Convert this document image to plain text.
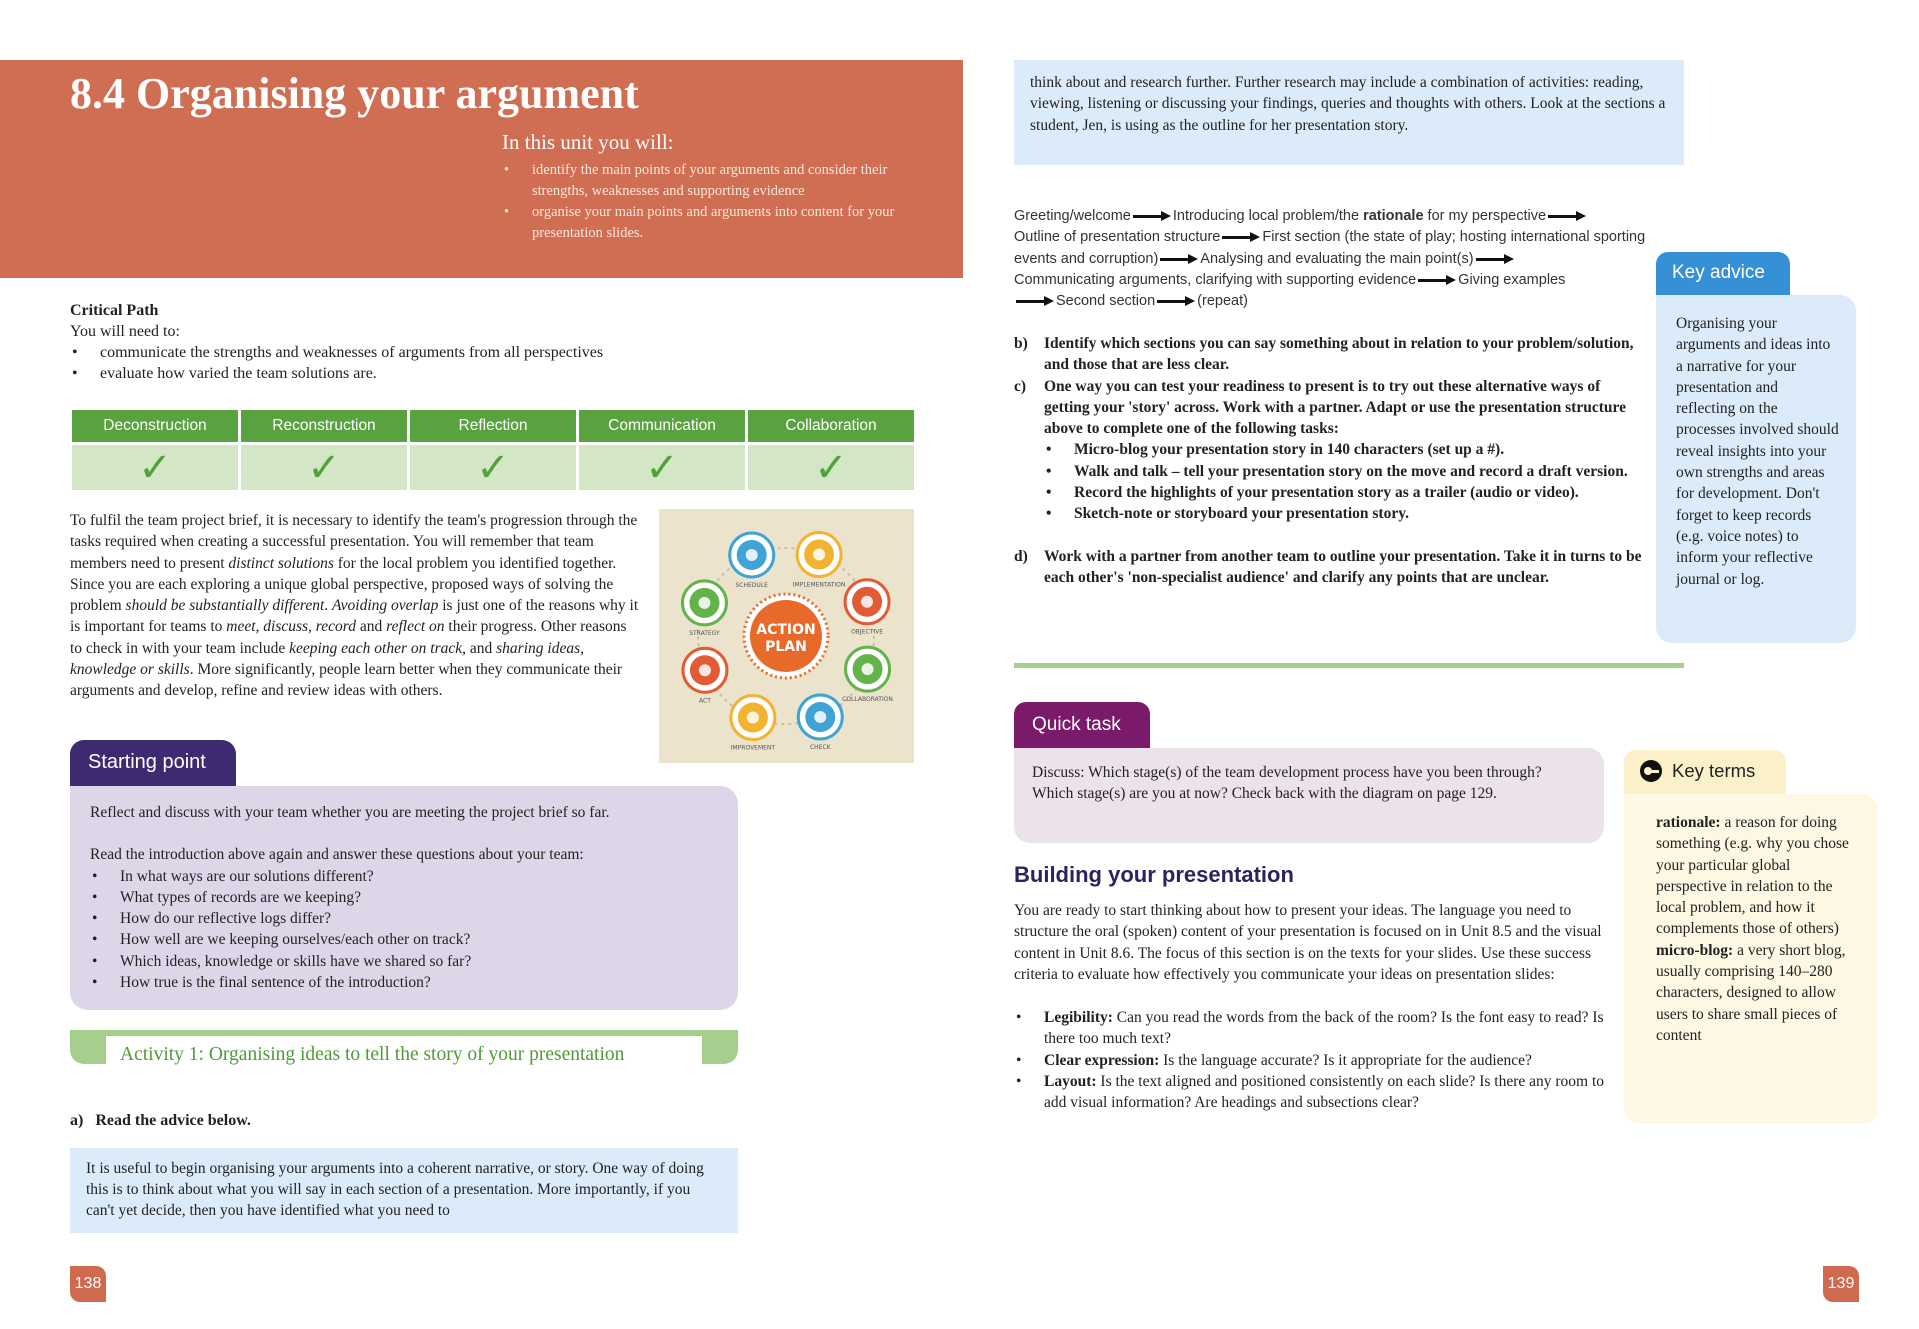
8.4 Organising your argument
In this unit you will:
• identify the main points of your arguments and consider their strengths, weaknesses and supporting evidence
• organise your main points and arguments into content for your presentation slides.
Critical Path
You will need to:
• communicate the strengths and weaknesses of arguments from all perspectives
• evaluate how varied the team solutions are.
Deconstruction	Reconstruction	Reflection	Communication	Collaboration
✓	✓	✓	✓	✓

To fulfil the team project brief, it is necessary to identify the team's progression through the tasks required when creating a successful presentation. You will remember that team members need to present distinct solutions for the local problem you identified together. Since you are each exploring a unique global perspective, proposed ways of solving the problem should be substantially different. Avoiding overlap is just one of the reasons why it is important for teams to meet, discuss, record and reflect on their progress. Other reasons to check in with your team include keeping each other on track, and sharing ideas, knowledge or skills. More significantly, people learn better when they communicate their arguments and develop, refine and review ideas with others.

SCHEDULE	IMPLEMENTATION
OBJECTIVE
COLLABORATION
CHECK
IMPROVEMENT
ACT
STRATEGY	ACTION
PLAN
Starting point

Reflect and discuss with your team whether you are meeting the project brief so far.

Read the introduction above again and answer these questions about your team:

• In what ways are our solutions different?
• What types of records are we keeping?
• How do our reflective logs differ?
• How well are we keeping ourselves/each other on track?
• Which ideas, knowledge or skills have we shared so far?
• How true is the final sentence of the introduction?
Activity 1: Organising ideas to tell the story of your presentation
a) Read the advice below.
It is useful to begin organising your arguments into a coherent narrative, or story. One way of doing this is to think about what you will say in each section of a presentation. More importantly, if you can't yet decide, then you have identified what you need to
138
think about and research further. Further research may include a combination of activities: reading, viewing, listening or discussing your findings, queries and thoughts with others. Look at the sections a student, Jen, is using as the outline for her presentation story.
Greeting/welcome	Introducing local problem/the rationale for my perspective
Outline of presentation structure	First section (the state of play; hosting international sporting events and corruption)	Analysing and evaluating the main point(s)
Communicating arguments, clarifying with supporting evidence	Giving examples
Second section	(repeat)
b) Identify which sections you can say something about in relation to your problem/solution, and those that are less clear.
c) One way you can test your readiness to present is to try out these alternative ways of getting your 'story' across. Work with a partner. Adapt or use the presentation structure above to complete one of the following tasks:
• Micro-blog your presentation story in 140 characters (set up a #).
• Walk and talk – tell your presentation story on the move and record a draft version.
• Record the highlights of your presentation story as a trailer (audio or video).
• Sketch-note or storyboard your presentation story.
d) Work with a partner from another team to outline your presentation. Take it in turns to be each other's 'non-specialist audience' and clarify any points that are unclear.
Key advice
Organising your arguments and ideas into a narrative for your presentation and reflecting on the processes involved should reveal insights into your own strengths and areas for development. Don't forget to keep records (e.g. voice notes) to inform your reflective journal or log.
Quick task
Discuss: Which stage(s) of the team development process have you been through? Which stage(s) are you at now? Check back with the diagram on page 129.
Key terms

rationale: a reason for doing something (e.g. why you chose your particular global perspective in relation to the local problem, and how it complements those of others)

micro-blog: a very short blog, usually comprising 140–280 characters, designed to allow users to share small pieces of content

Building your presentation

You are ready to start thinking about how to present your ideas. The language you need to structure the oral (spoken) content of your presentation is focused on in Unit 8.5 and the visual content in Unit 8.6. The focus of this section is on the texts for your slides. Use these success criteria to evaluate how effectively you communicate your ideas on presentation slides:

• Legibility: Can you read the words from the back of the room? Is the font easy to read? Is there too much text?
• Clear expression: Is the language accurate? Is it appropriate for the audience?
• Layout: Is the text aligned and positioned consistently on each slide? Is there any room to add visual information? Are headings and subsections clear?
139
